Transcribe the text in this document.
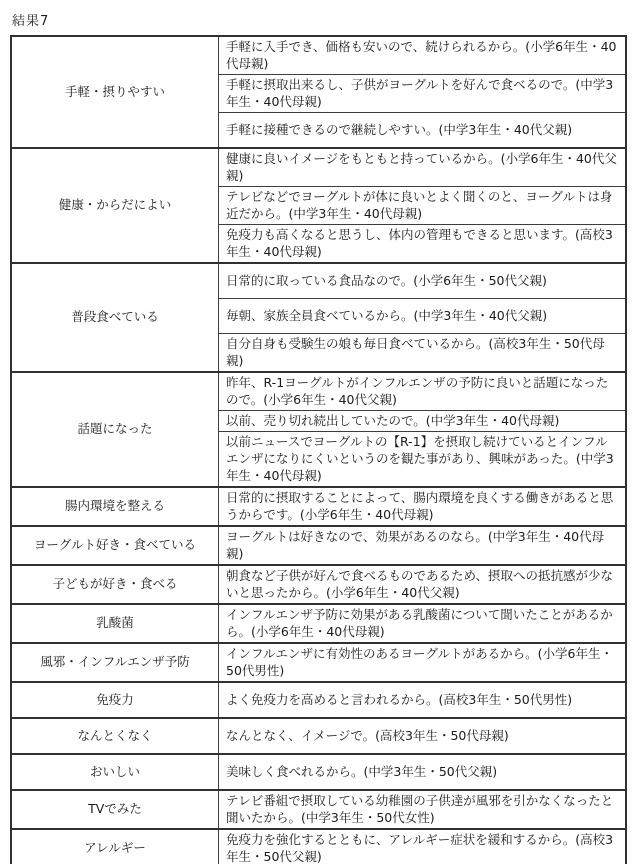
結果7
手軽・摂りやすい	手軽に入手でき、価格も安いので、続けられるから。(小学6年生・40代母親)
	手軽に摂取出来るし、子供がヨーグルトを好んで食べるので。(中学3年生・40代母親)
	手軽に接種できるので継続しやすい。(中学3年生・40代父親)
健康・からだによい	健康に良いイメージをもともと持っているから。(小学6年生・40代父親)
	テレビなどでヨーグルトが体に良いとよく聞くのと、ヨーグルトは身近だから。(中学3年生・40代母親)
	免疫力も高くなると思うし、体内の管理もできると思います。(高校3年生・40代母親)
普段食べている	日常的に取っている食品なので。(小学6年生・50代父親)
	毎朝、家族全員食べているから。(中学3年生・40代父親)
	自分自身も受験生の娘も毎日食べているから。(高校3年生・50代母親)
話題になった	昨年、R-1ヨーグルトがインフルエンザの予防に良いと話題になったので。(小学6年生・40代父親)
	以前、売り切れ続出していたので。(中学3年生・40代母親)
	以前ニュースでヨーグルトの【R-1】を摂取し続けているとインフルエンザになりにくいというのを観た事があり、興味があった。(中学3年生・40代母親)
腸内環境を整える	日常的に摂取することによって、腸内環境を良くする働きがあると思うからです。(小学6年生・40代母親)
ヨーグルト好き・食べている	ヨーグルトは好きなので、効果があるのなら。(中学3年生・40代母親)
子どもが好き・食べる	朝食など子供が好んで食べるものであるため、摂取への抵抗感が少ないと思ったから。(小学6年生・40代父親)
乳酸菌	インフルエンザ予防に効果がある乳酸菌について聞いたことがあるから。(小学6年生・40代母親)
風邪・インフルエンザ予防	インフルエンザに有効性のあるヨーグルトがあるから。(小学6年生・50代男性)
免疫力	よく免疫力を高めると言われるから。(高校3年生・50代男性)
なんとくなく	なんとなく、イメージで。(高校3年生・50代母親)
おいしい	美味しく食べれるから。(中学3年生・50代父親)
TVでみた	テレビ番組で摂取している幼稚園の子供達が風邪を引かなくなったと聞いたから。(中学3年生・50代女性)
アレルギー	免疫力を強化するとともに、アレルギー症状を緩和するから。(高校3年生・50代父親)
